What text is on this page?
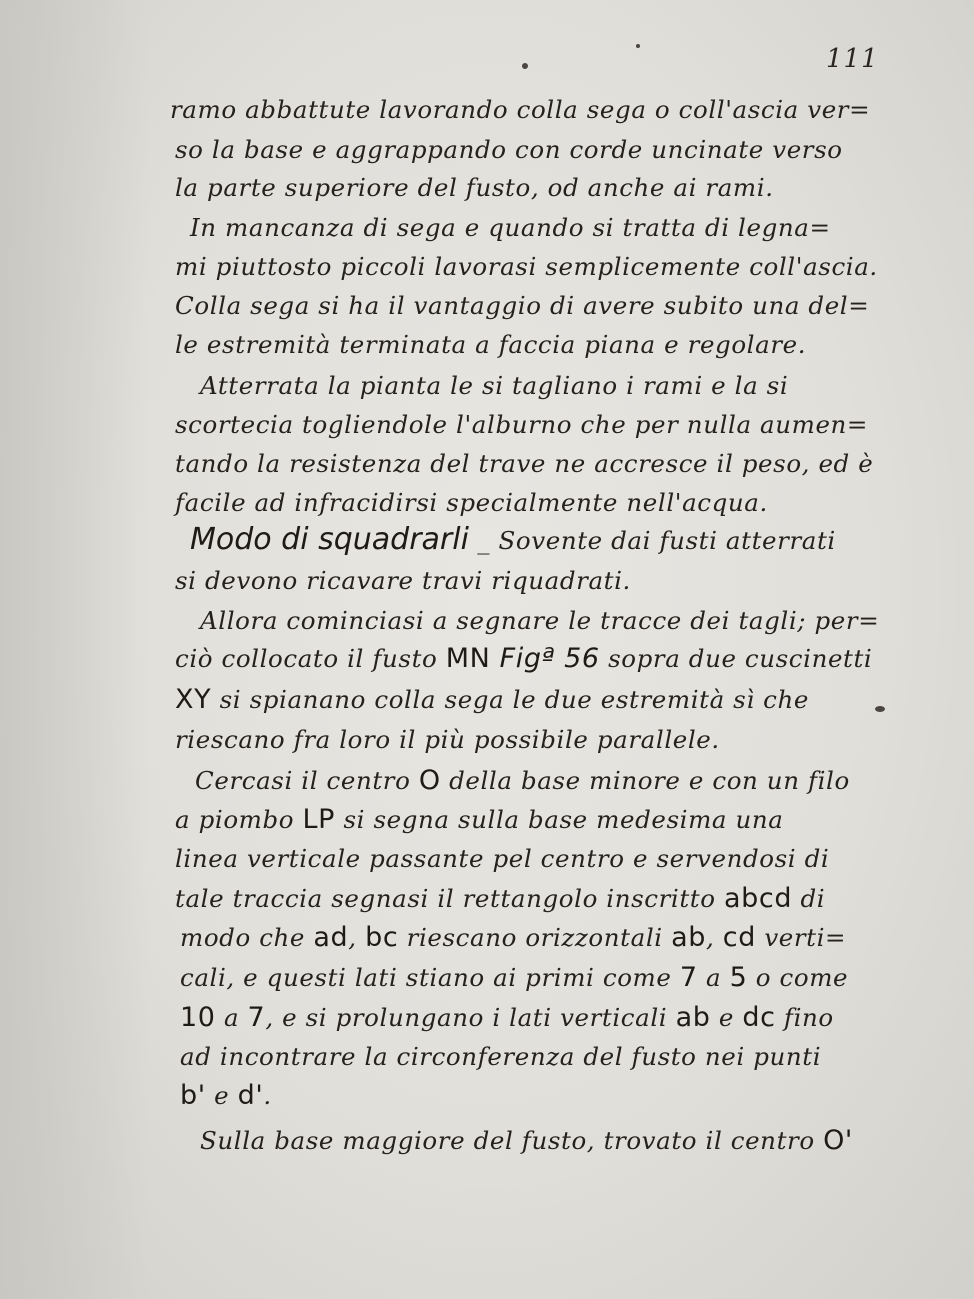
111
ramo abbattute lavorando colla sega o coll'ascia ver=
so la base e aggrappando con corde uncinate verso
la parte superiore del fusto, od anche ai rami.
In mancanza di sega e quando si tratta di legna=
mi piuttosto piccoli lavorasi semplicemente coll'ascia.
Colla sega si ha il vantaggio di avere subito una del=
le estremità terminata a faccia piana e regolare.
Atterrata la pianta le si tagliano i rami e la si
scortecia togliendole l'alburno che per nulla aumen=
tando la resistenza del trave ne accresce il peso, ed è
facile ad infracidirsi specialmente nell'acqua.
Modo di squadrarli _ Sovente dai fusti atterrati
si devono ricavare travi riquadrati.
Allora cominciasi a segnare le tracce dei tagli; per=
ciò collocato il fusto MN Figª 56 sopra due cuscinetti
XY si spianano colla sega le due estremità sì che
riescano fra loro il più possibile parallele.
Cercasi il centro O della base minore e con un filo
a piombo LP si segna sulla base medesima una
linea verticale passante pel centro e servendosi di
tale traccia segnasi il rettangolo inscritto abcd di
modo che ad, bc riescano orizzontali ab, cd verti=
cali, e questi lati stiano ai primi come 7 a 5 o come
10 a 7, e si prolungano i lati verticali ab e dc fino
ad incontrare la circonferenza del fusto nei punti
b' e d'.
Sulla base maggiore del fusto, trovato il centro O'
